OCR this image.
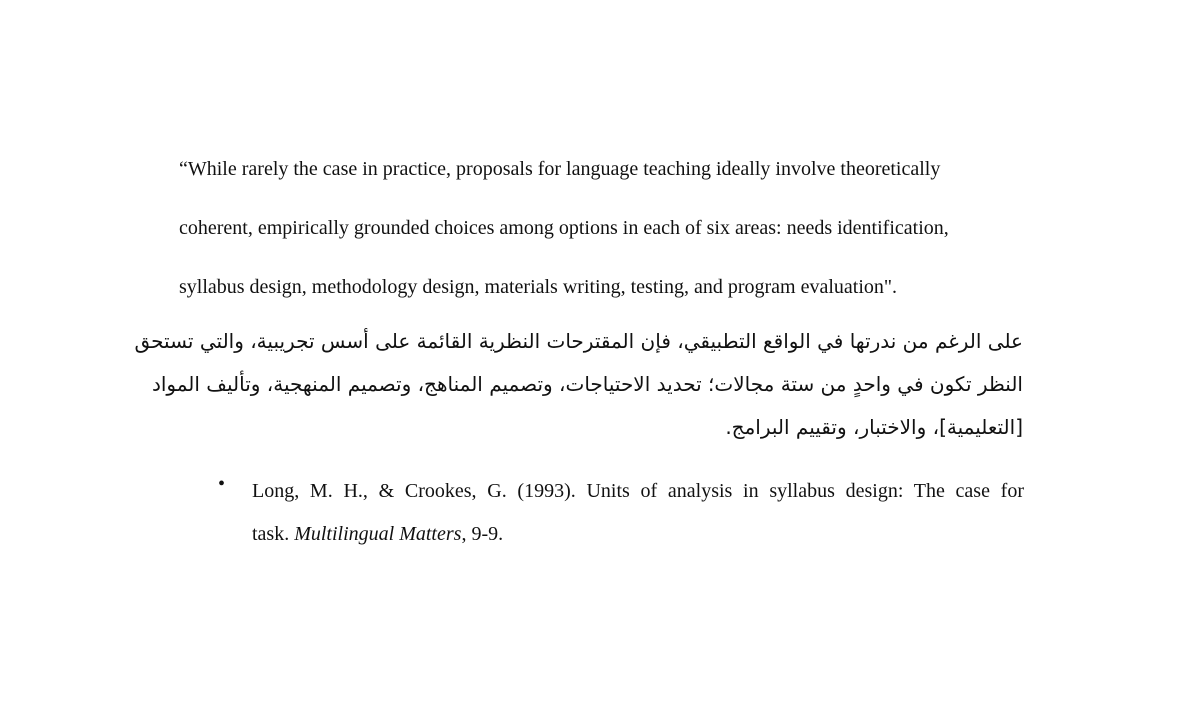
“While rarely the case in practice, proposals for language teaching ideally involve theoretically
coherent, empirically grounded choices among options in each of six areas: needs identification,
syllabus design, methodology design, materials writing, testing, and program evaluation".

على الرغم من ندرتها في الواقع التطبيقي، فإن المقترحات النظرية القائمة على أسس تجريبية، والتي تستحق
النظر تكون في واحدٍ من ستة مجالات؛ تحديد الاحتياجات، وتصميم المناهج، وتصميم المنهجية، وتأليف المواد
[التعليمية]، والاختبار، وتقييم البرامج.

• Long, M. H., & Crookes, G. (1993). Units of analysis in syllabus design: The case for
task. Multilingual Matters, 9-9.
